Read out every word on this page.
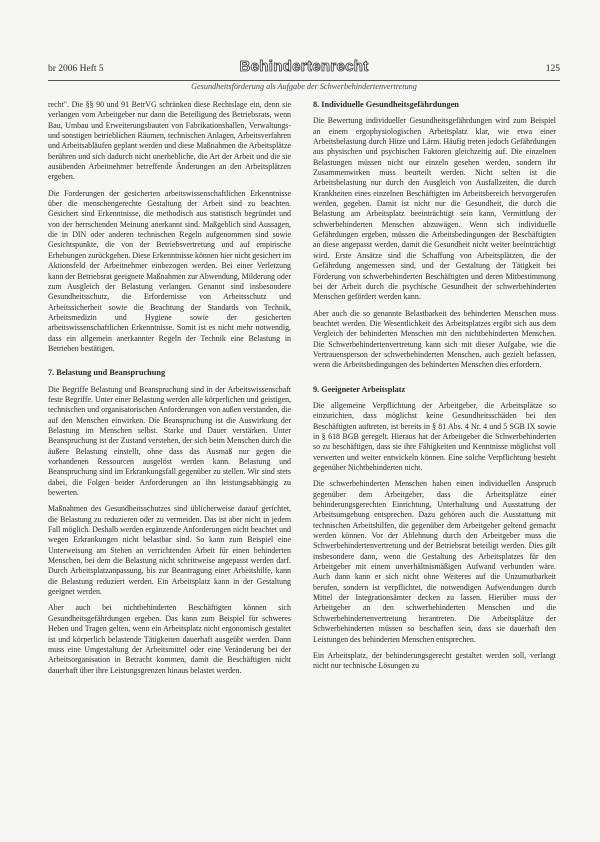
br 2006 Heft 5	Behindertenrecht	125
Gesundheitsförderung als Aufgabe der Schwerbehindertenvertretung

recht". Die §§ 90 und 91 BetrVG schränken diese Rechtslage ein, denn sie verlangen vom Arbeitgeber nur dann die Beteiligung des Betriebsrats, wenn Bau, Umbau und Erweiterungsbauten von Fabrikationshallen, Verwaltungs- und sonstigen betrieblichen Räumen, technischen Anlagen, Arbeitsverfahren und Arbeitsabläufen geplant werden und diese Maßnahmen die Arbeitsplätze berühren und sich dadurch nicht unerhebliche, die Art der Arbeit und die sie ausübenden Arbeitnehmer betreffende Änderungen an den Arbeitsplätzen ergeben.

Die Forderungen der gesicherten arbeitswissenschaftlichen Erkenntnisse über die menschengerechte Gestaltung der Arbeit sind zu beachten. Gesichert sind Erkenntnisse, die methodisch aus statistisch begründet und von der herrschenden Meinung anerkannt sind. Maßgeblich sind Aussagen, die in DIN oder anderen technischen Regeln aufgenommen sind sowie Gesichtspunkte, die von der Betriebsvertretung und auf empirische Erhebungen zurückgehen. Diese Erkenntnisse können hier nicht gesichert im Aktionsfeld der Arbeitnehmer einbezogen werden. Bei einer Verletzung kann der Betriebsrat geeignete Maßnahmen zur Abwendung, Milderung oder zum Ausgleich der Belastung verlangen. Genannt sind insbesondere Gesundheitsschutz, die Erfordernisse von Arbeitsschutz und Arbeitssicherheit sowie die Beachtung der Standards von Technik, Arbeitsmedizin und Hygiene sowie der gesicherten arbeitswissenschaftlichen Erkenntnisse. Somit ist es nicht mehr notwendig, dass ein allgemein anerkannter Regeln der Technik eine Belastung in Betrieben bestätigen.

7. Belastung und Beanspruchung

Die Begriffe Belastung und Beanspruchung sind in der Arbeitswissenschaft feste Begriffe. Unter einer Belastung werden alle körperlichen und geistigen, technischen und organisatorischen Anforderungen von außen verstanden, die auf den Menschen einwirken. Die Beanspruchung ist die Auswirkung der Belastung im Menschen selbst. Starke und Dauer verstärken. Unter Beanspruchung ist der Zustand verstehen, der sich beim Menschen durch die äußere Belastung einstellt, ohne dass das Ausmaß nur gegen die vorhandenen Ressourcen ausgelöst werden kann. Belastung und Beanspruchung sind im Erkrankungsfall gegenüber zu stellen. Wir sind stets dabei, die Folgen beider Anforderungen an ihn leistungsabhängig zu bewerten.

Maßnahmen des Gesundheitsschutzes sind üblicherweise darauf gerichtet, die Belastung zu reduzieren oder zu vermeiden. Das ist aber nicht in jedem Fall möglich. Deshalb werden ergänzende Anforderungen nicht beachtet und wegen Erkrankungen nicht belastbar sind. So kann zum Beispiel eine Unterweisung am Stehen an verrichtenden Arbeit für einen behinderten Menschen, bei dem die Belastung nicht schrittweise angepasst werden darf. Durch Arbeitsplatzanpassung, bis zur Beantragung einer Arbeitshilfe, kann die Belastung reduziert werden. Ein Arbeitsplatz kann in der Gestaltung geeignet werden.

Aber auch bei nichtbehinderten Beschäftigten können sich Gesundheitsgefährdungen ergeben. Das kann zum Beispiel für schweres Heben und Tragen gelten, wenn ein Arbeitsplatz nicht ergonomisch gestaltet ist und körperlich belastende Tätigkeiten dauerhaft ausgeübt werden. Dann muss eine Umgestaltung der Arbeitsmittel oder eine Veränderung bei der Arbeitsorganisation in Betracht kommen, damit die Beschäftigten nicht dauerhaft über ihre Leistungsgrenzen hinaus belastet werden.

8. Individuelle Gesundheitsgefährdungen

Die Bewertung individueller Gesundheitsgefährdungen wird zum Beispiel an einem ergophysiologischen Arbeitsplatz klar, wie etwa einer Arbeitsbelastung durch Hitze und Lärm. Häufig treten jedoch Gefährdungen aus physischen und psychischen Faktoren gleichzeitig auf. Die einzelnen Belastungen müssen nicht nur einzeln gesehen werden, sondern ihr Zusammenwirken muss beurteilt werden. Nicht selten ist die Arbeitsbelastung nur durch den Ausgleich von Ausfallzeiten, die durch Krankheiten eines einzelnen Beschäftigten im Arbeitsbereich hervorgerufen werden, gegeben. Damit ist nicht nur die Gesundheit, die durch die Belastung am Arbeitsplatz beeinträchtigt sein kann, Vermittlung der schwerbehinderten Menschen abzuwägen. Wenn sich individuelle Gefährdungen ergeben, müssen die Arbeitsbedingungen der Beschäftigten an diese angepasst werden, damit die Gesundheit nicht weiter beeinträchtigt wird. Erste Ansätze sind die Schaffung von Arbeitsplätzen, die der Gefährdung angemessen sind, und der Gestaltung der Tätigkeit bei Förderung von schwerbehinderten Beschäftigten und deren Mitbestimmung bei der Arbeit durch die psychische Gesundheit der schwerbehinderten Menschen gefördert werden kann.

Aber auch die so genannte Belastbarkeit des behinderten Menschen muss beachtet werden. Die Wesentlichkeit des Arbeitsplatzes ergibt sich aus dem Vergleich der behinderten Menschen mit den nichtbehinderten Menschen. Die Schwerbehindertenvertretung kann sich mit dieser Aufgabe, wie die Vertrauensperson der schwerbehinderten Menschen, auch gezielt befassen, wenn die Arbeitsbedingungen des behinderten Menschen dies erfordern.

9. Geeigneter Arbeitsplatz

Die allgemeine Verpflichtung der Arbeitgeber, die Arbeitsplätze so einzurichten, dass möglichst keine Gesundheitsschäden bei den Beschäftigten auftreten, ist bereits in § 81 Abs. 4 Nr. 4 und 5 SGB IX sowie in § 618 BGB geregelt. Hieraus hat der Arbeitgeber die Schwerbehinderten so zu beschäftigen, dass sie ihre Fähigkeiten und Kenntnisse möglichst voll verwerten und weiter entwickeln können. Eine solche Verpflichtung besteht gegenüber Nichtbehinderten nicht.

Die schwerbehinderten Menschen haben einen individuellen Anspruch gegenüber dem Arbeitgeber, dass die Arbeitsplätze einer behinderungsgerechten Einrichtung, Unterhaltung und Ausstattung der Arbeitsumgebung entsprechen. Dazu gehören auch die Ausstattung mit technischen Arbeitshilfen, die gegenüber dem Arbeitgeber geltend gemacht werden können. Vor der Ablehnung durch den Arbeitgeber muss die Schwerbehindertenvertretung und der Betriebsrat beteiligt werden. Dies gilt insbesondere dann, wenn die Gestaltung des Arbeitsplatzes für den Arbeitgeber mit einem unverhältnismäßigen Aufwand verbunden wäre. Auch dann kann er sich nicht ohne Weiteres auf die Unzumutbarkeit berufen, sondern ist verpflichtet, die notwendigen Aufwendungen durch Mittel der Integrationsämter decken zu lassen. Hierüber muss der Arbeitgeber an den schwerbehinderten Menschen und die Schwerbehindertenvertretung herantreten. Die Arbeitsplätze der Schwerbehinderten müssen so beschaffen sein, dass sie dauerhaft den Leistungen des behinderten Menschen entsprechen.

Ein Arbeitsplatz, der behinderungsgerecht gestaltet werden soll, verlangt nicht nur technische Lösungen zu
